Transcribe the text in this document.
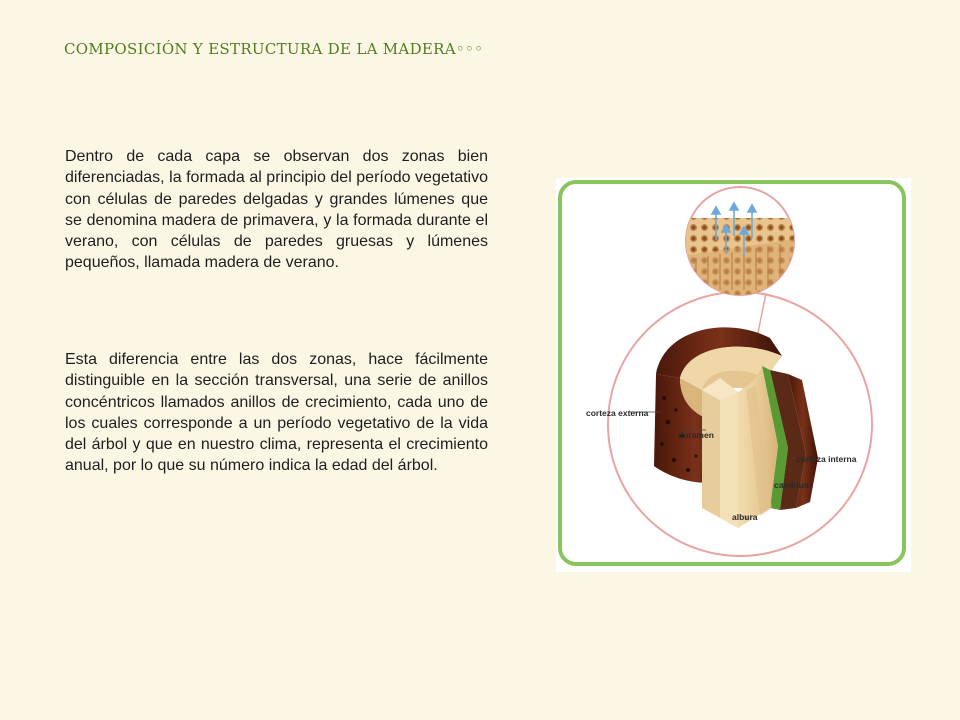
COMPOSICIÓN Y ESTRUCTURA DE LA MADERA◦◦◦

Dentro de cada capa se observan dos zonas bien diferenciadas, la formada al principio del período vegetativo con células de paredes delgadas y grandes lúmenes que se denomina madera de primavera, y la formada durante el verano, con células de paredes gruesas y lúmenes pequeños, llamada madera de verano.

Esta diferencia entre las dos zonas, hace fácilmente distinguible en la sección transversal, una serie de anillos concéntricos llamados anillos de crecimiento, cada uno de los cuales corresponde a un período vegetativo de la vida del árbol y que en nuestro clima, representa el crecimiento anual, por lo que su número indica la edad del árbol.

corteza externa
duramen
corteza interna
cambium
albura
